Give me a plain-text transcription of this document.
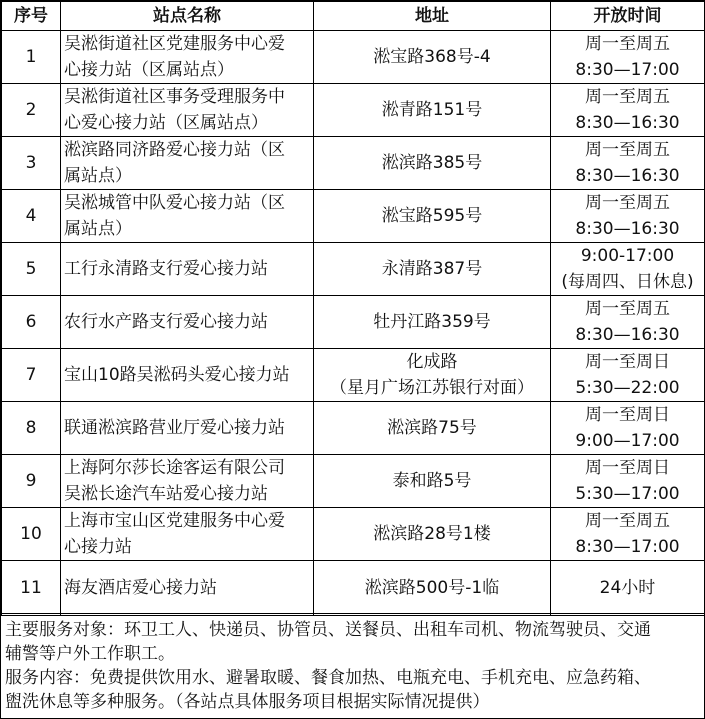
序号	站点名称	地址	开放时间
1	吴淞街道社区党建服务中心爱
心接力站（区属站点）	淞宝路368号-4	周一至周五
8:30—17:00

2	吴淞街道社区事务受理服务中
心爱心接力站（区属站点）	淞青路151号	周一至周五
8:30—16:30

3	淞滨路同济路爱心接力站（区
属站点）	淞滨路385号	周一至周五
8:30—16:30

4	吴淞城管中队爱心接力站（区
属站点）	淞宝路595号	周一至周五
8:30—16:30

5	工行永清路支行爱心接力站	永清路387号	9:00-17:00
(每周四、日休息)

6	农行水产路支行爱心接力站	牡丹江路359号	周一至周五
8:30—16:30

7	宝山10路吴淞码头爱心接力站	化成路
（星月广场江苏银行对面）	周一至周日
5:30—22:00

8	联通淞滨路营业厅爱心接力站	淞滨路75号	周一至周日
9:00—17:00

9	上海阿尔莎长途客运有限公司
吴淞长途汽车站爱心接力站	泰和路5号	周一至周日
5:30—17:00

10	上海市宝山区党建服务中心爱
心接力站	淞滨路28号1楼	周一至周五
8:30—17:00

11	海友酒店爱心接力站	淞滨路500号-1临	24小时
主要服务对象：环卫工人、快递员、协管员、送餐员、出租车司机、物流驾驶员、交通
辅警等户外工作职工。
服务内容：免费提供饮用水、避暑取暖、餐食加热、电瓶充电、手机充电、应急药箱、
盥洗休息等多种服务。（各站点具体服务项目根据实际情况提供）
